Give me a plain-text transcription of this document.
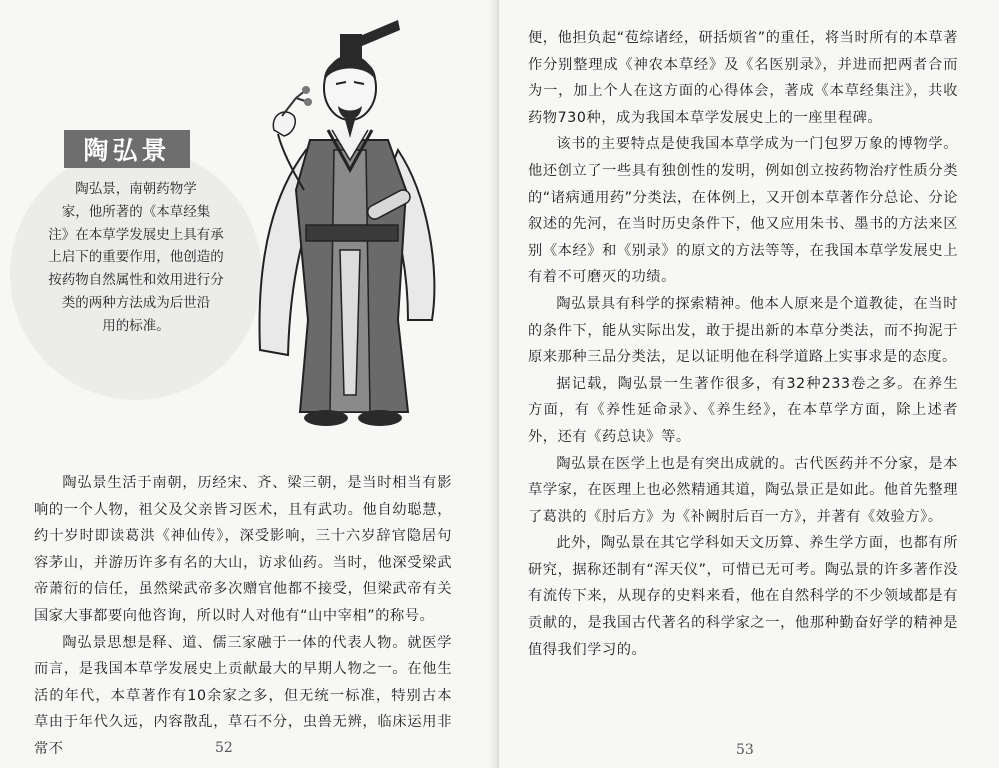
陶弘景
陶弘景，南朝药物学
家，他所著的《本草经集
注》在本草学发展史上具有承
上启下的重要作用，他创造的
按药物自然属性和效用进行分
类的两种方法成为后世沿
用的标准。

陶弘景生活于南朝，历经宋、齐、梁三朝，是当时相当有影响的一个人物，祖父及父亲皆习医术，且有武功。他自幼聪慧，约十岁时即读葛洪《神仙传》，深受影响，三十六岁辞官隐居句容茅山，并游历许多有名的大山，访求仙药。当时，他深受梁武帝萧衍的信任，虽然梁武帝多次赠官他都不接受，但梁武帝有关国家大事都要向他咨询，所以时人对他有“山中宰相”的称号。

陶弘景思想是释、道、儒三家融于一体的代表人物。就医学而言，是我国本草学发展史上贡献最大的早期人物之一。在他生活的年代，本草著作有10余家之多，但无统一标准，特别古本草由于年代久远，内容散乱，草石不分，虫兽无辨，临床运用非常不	52

便，他担负起“苞综诸经，研括烦省”的重任，将当时所有的本草著作分别整理成《神农本草经》及《名医别录》，并进而把两者合而为一，加上个人在这方面的心得体会，著成《本草经集注》，共收药物730种，成为我国本草学发展史上的一座里程碑。

该书的主要特点是使我国本草学成为一门包罗万象的博物学。他还创立了一些具有独创性的发明，例如创立按药物治疗性质分类的“诸病通用药”分类法，在体例上，又开创本草著作分总论、分论叙述的先河，在当时历史条件下，他又应用朱书、墨书的方法来区别《本经》和《别录》的原文的方法等等，在我国本草学发展史上有着不可磨灭的功绩。

陶弘景具有科学的探索精神。他本人原来是个道教徒，在当时的条件下，能从实际出发，敢于提出新的本草分类法，而不拘泥于原来那种三品分类法，足以证明他在科学道路上实事求是的态度。

据记载，陶弘景一生著作很多，有32种233卷之多。在养生方面，有《养性延命录》、《养生经》，在本草学方面，除上述者外，还有《药总诀》等。

陶弘景在医学上也是有突出成就的。古代医药并不分家，是本草学家，在医理上也必然精通其道，陶弘景正是如此。他首先整理了葛洪的《肘后方》为《补阙肘后百一方》，并著有《效验方》。

此外，陶弘景在其它学科如天文历算、养生学方面，也都有所研究，据称还制有“浑天仪”，可惜已无可考。陶弘景的许多著作没有流传下来，从现存的史料来看，他在自然科学的不少领域都是有贡献的，是我国古代著名的科学家之一，他那种勤奋好学的精神是值得我们学习的。

53
